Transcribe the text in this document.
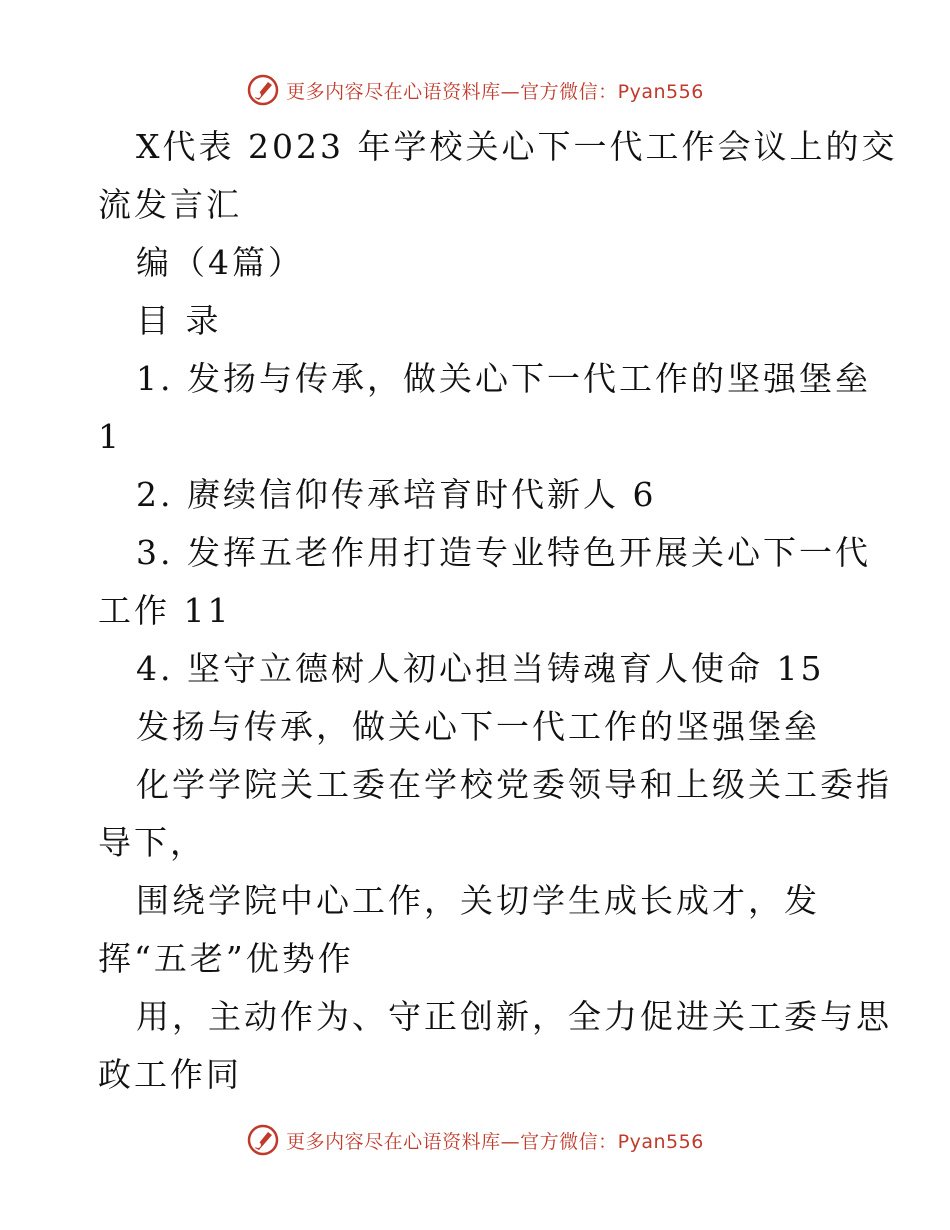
更多内容尽在心语资料库—官方微信：Pyan556

X代表 2023 年学校关心下一代工作会议上的交

流发言汇

编（4篇）

目 录

1. 发扬与传承，做关心下一代工作的坚强堡垒

1

2. 赓续信仰传承培育时代新人 6

3. 发挥五老作用打造专业特色开展关心下一代

工作 11

4. 坚守立德树人初心担当铸魂育人使命 15

发扬与传承，做关心下一代工作的坚强堡垒

化学学院关工委在学校党委领导和上级关工委指

导下，

围绕学院中心工作，关切学生成长成才，发

挥“五老”优势作

用，主动作为、守正创新，全力促进关工委与思

政工作同

更多内容尽在心语资料库—官方微信：Pyan556
